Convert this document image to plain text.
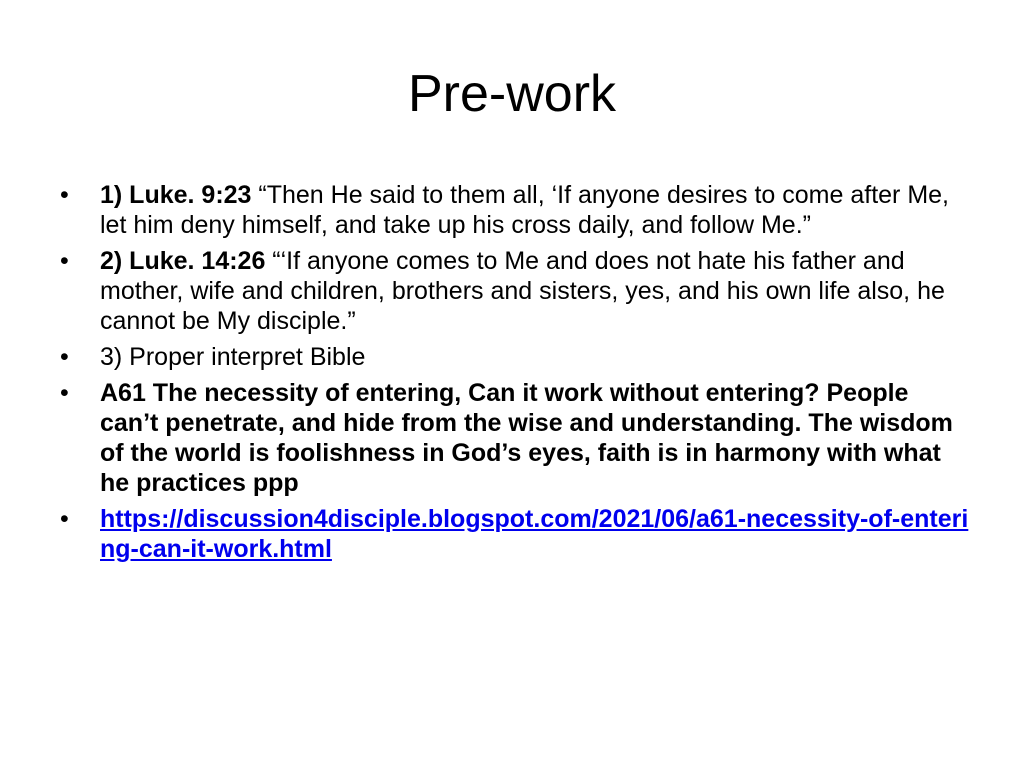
Pre-work
• 1) Luke. 9:23 “Then He said to them all, ‘If anyone desires to come after Me, let him deny himself, and take up his cross daily, and follow Me.”
• 2) Luke. 14:26 “‘If anyone comes to Me and does not hate his father and mother, wife and children, brothers and sisters, yes, and his own life also, he cannot be My disciple.”
• 3) Proper interpret Bible
• A61 The necessity of entering, Can it work without entering? People can’t penetrate, and hide from the wise and understanding. The wisdom of the world is foolishness in God’s eyes, faith is in harmony with what he practices ppp
• https://discussion4disciple.blogspot.com/2021/06/a61-necessity-of-entering-can-it-work.html
